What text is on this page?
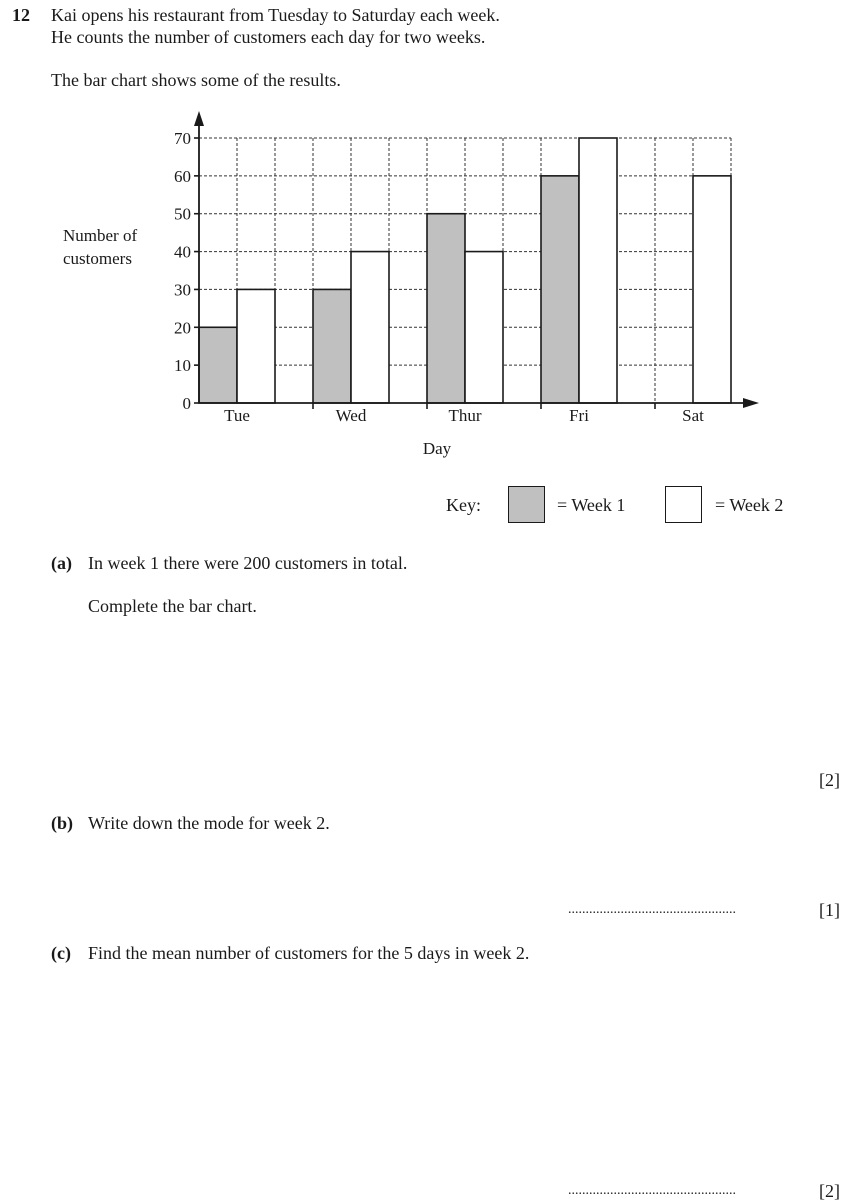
12 Kai opens his restaurant from Tuesday to Saturday each week.
He counts the number of customers each day for two weeks.
The bar chart shows some of the results.
Number of
customers
Day
0
10
20
30
40
50
60
70
Tue	Wed	Thur	Fri	Sat
Key:	= Week 1	= Week 2
(a) In week 1 there were 200 customers in total.
Complete the bar chart.
[2]
(b) Write down the mode for week 2.
................................................	[1]
(c) Find the mean number of customers for the 5 days in week 2.
................................................	[2]
